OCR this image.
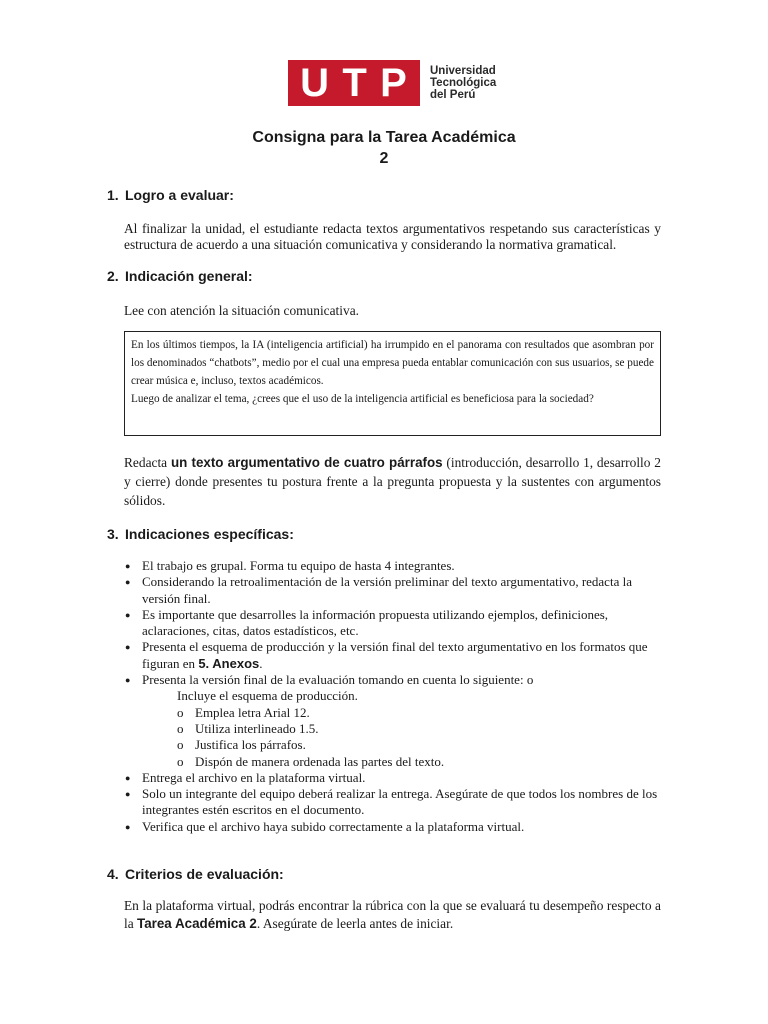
U T P Universidad
Tecnológica
del Perú
Consigna para la Tarea Académica
2
1. Logro a evaluar:
Al finalizar la unidad, el estudiante redacta textos argumentativos respetando sus características y estructura de acuerdo a una situación comunicativa y considerando la normativa gramatical.
2. Indicación general:
Lee con atención la situación comunicativa.

En los últimos tiempos, la IA (inteligencia artificial) ha irrumpido en el panorama con resultados que asombran por los denominados “chatbots”, medio por el cual una empresa pueda entablar comunicación con sus usuarios, se puede crear música e, incluso, textos académicos.

Luego de analizar el tema, ¿crees que el uso de la inteligencia artificial es beneficiosa para la sociedad?

Redacta un texto argumentativo de cuatro párrafos (introducción, desarrollo 1, desarrollo 2 y cierre) donde presentes tu postura frente a la pregunta propuesta y la sustentes con argumentos sólidos.
3. Indicaciones específicas:
● El trabajo es grupal. Forma tu equipo de hasta 4 integrantes.
● Considerando la retroalimentación de la versión preliminar del texto argumentativo, redacta la versión final.
● Es importante que desarrolles la información propuesta utilizando ejemplos, definiciones, aclaraciones, citas, datos estadísticos, etc.
● Presenta el esquema de producción y la versión final del texto argumentativo en los formatos que figuran en 5. Anexos.
● Presenta la versión final de la evaluación tomando en cuenta lo siguiente: o
Incluye el esquema de producción.
o Emplea letra Arial 12.
o Utiliza interlineado 1.5.
o Justifica los párrafos.
o Dispón de manera ordenada las partes del texto.
● Entrega el archivo en la plataforma virtual.
● Solo un integrante del equipo deberá realizar la entrega. Asegúrate de que todos los nombres de los integrantes estén escritos en el documento.
● Verifica que el archivo haya subido correctamente a la plataforma virtual.
4. Criterios de evaluación:
En la plataforma virtual, podrás encontrar la rúbrica con la que se evaluará tu desempeño respecto a la Tarea Académica 2. Asegúrate de leerla antes de iniciar.
